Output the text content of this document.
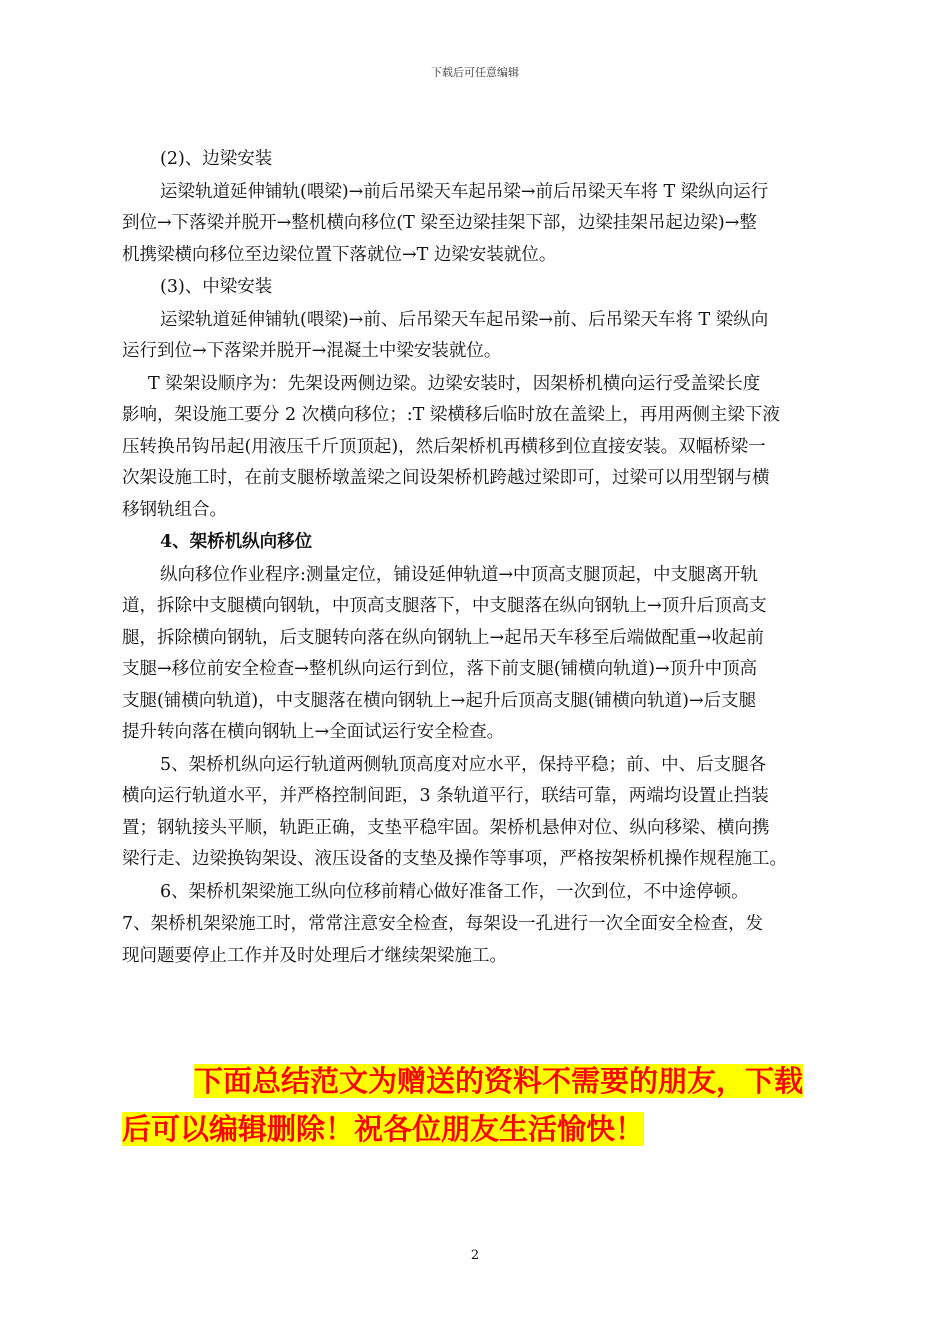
下载后可任意编辑

(2)、边梁安装

运梁轨道延伸铺轨(喂梁)→前后吊梁天车起吊梁→前后吊梁天车将 T 梁纵向运行

到位→下落梁并脱开→整机横向移位(T 梁至边梁挂架下部，边梁挂架吊起边梁)→整

机携梁横向移位至边梁位置下落就位→T 边梁安装就位。

(3)、中梁安装

运梁轨道延伸铺轨(喂梁)→前、后吊梁天车起吊梁→前、后吊梁天车将 T 梁纵向

运行到位→下落梁并脱开→混凝土中梁安装就位。

T 梁架设顺序为：先架设两侧边梁。边梁安装时，因架桥机横向运行受盖梁长度

影响，架设施工要分 2 次横向移位；:T 梁横移后临时放在盖梁上，再用两侧主梁下液

压转换吊钩吊起(用液压千斤顶顶起)，然后架桥机再横移到位直接安装。双幅桥梁一

次架设施工时，在前支腿桥墩盖梁之间设架桥机跨越过梁即可，过梁可以用型钢与横

移钢轨组合。

4、架桥机纵向移位

纵向移位作业程序:测量定位，铺设延伸轨道→中顶高支腿顶起，中支腿离开轨

道，拆除中支腿横向钢轨，中顶高支腿落下，中支腿落在纵向钢轨上→顶升后顶高支

腿，拆除横向钢轨，后支腿转向落在纵向钢轨上→起吊天车移至后端做配重→收起前

支腿→移位前安全检查→整机纵向运行到位，落下前支腿(铺横向轨道)→顶升中顶高

支腿(铺横向轨道)，中支腿落在横向钢轨上→起升后顶高支腿(铺横向轨道)→后支腿

提升转向落在横向钢轨上→全面试运行安全检查。

5、架桥机纵向运行轨道两侧轨顶高度对应水平，保持平稳；前、中、后支腿各

横向运行轨道水平，并严格控制间距，3 条轨道平行，联结可靠，两端均设置止挡装

置；钢轨接头平顺，轨距正确，支垫平稳牢固。架桥机悬伸对位、纵向移梁、横向携

梁行走、边梁换钩架设、液压设备的支垫及操作等事项，严格按架桥机操作规程施工。

6、架桥机架梁施工纵向位移前精心做好准备工作，一次到位，不中途停顿。

7、架桥机架梁施工时，常常注意安全检查，每架设一孔进行一次全面安全检查，发

现问题要停止工作并及时处理后才继续架梁施工。

下面总结范文为赠送的资料不需要的朋友，下载
后可以编辑删除！祝各位朋友生活愉快！
2
